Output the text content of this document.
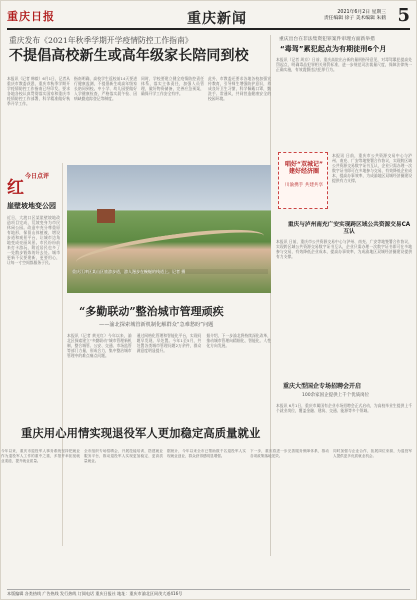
重庆日报	重庆新闻	2021年6月2日 星期三
责任编辑 徐子 美术编辑 朱鹤 5
重庆发布《2021年秋季学期开学疫情防控工作指南》
不提倡高校新生或高年级家长陪同到校
本报讯（记者 韩毅）6月1日，记者从重庆市教委获悉，重庆市秋季学期开学疫情防控工作指南已经印发。要求各地各校认真贯彻落实国家和重庆市疫情防控工作部署，科学精准做好秋季开学工作。
指南明确，高校学生返校前14天要进行健康监测，不提倡新生或高年级家长陪同到校。中小学、幼儿园要做好入学健康检查，严格落实晨午检、因病缺勤追踪登记等制度。
同时，学校要建立健全疫情防控责任体系，落实主体责任，加强人员管理，做好物资储备，完善应急预案，确保开学工作安全有序。
此外，市教委还要求各地各校加强宣传教育，引导师生增强防护意识，养成良好卫生习惯，科学佩戴口罩，勤洗手、常通风，共同营造健康安全的校园环境。
红
今日点评
崖壁坡地变公园
近日，大渡口区某崖壁坡地改造项目完成，荒坡变身为市民休闲公园。改造中充分尊重原有地形，保留山体植被，增设步道和观景平台，让城市边角地变成亮丽风景。市民纷纷前来打卡游玩，附近居民也多了一处散步锻炼的好去处。城市更新不仅要建新，更要用心，让每一寸空间都服务于民。
重庆江津区某山区旅游步道，游人漫步在蜿蜒的栈道上。记者 摄
“多勤联动”整治城市管理顽疾
——渝北探索城管新机制化解群众“急难愁盼”问题
本报讯（记者 黄光红）今年以来，渝北区探索建立“多勤联动”城市管理新机制，整合城管、公安、交通、市场监管等部门力量，形成合力，集中整治城市管理中的难点痛点问题。
通过网格化管理和智能化平台，实现问题早发现、早处置。今年1至5月，共处置各类城市管理问题2万余件，群众满意度明显提升。
据介绍，下一步渝北将持续深化改革，推动城市管理向精细化、智能化、人性化方向发展。
重庆出台在非法集资犯罪案件审理方面新举措
“毒驾”累犯起点为有期徒刑6个月
本报讯（记者 周京）日前，重庆高院出台新的量刑指导意见，对毒驾累犯提高处罚起点，明确毒品犯罪相关刑罚标准，进一步规范司法裁量尺度，保障法律统一正确实施，有效震慑违法犯罪行为。
唱好“双城记” 建好经济圈
川渝携手 共建共享
本报讯 日前，重庆市公共资源交易中心与泸州、南充、广安等地签署合作协议，实现跨区域公共资源交易数字证书互认，企业只需办理一次数字证书即可在多地参与交易，有效降低企业成本，提高办事效率，为成渝地区双城经济圈建设提供有力支撑。
重庆与泸州南充广安实现跨区域公共资源交易CA互认
本报讯 日前，重庆市公共资源交易中心与泸州、南充、广安等地签署合作协议，实现跨区域公共资源交易数字证书互认，企业只需办理一次数字证书即可在多地参与交易，有效降低企业成本，提高办事效率，为成渝地区双城经济圈建设提供有力支撑。
重庆大型国企专场招聘会开启
100余家国企提供上千个优质岗位
本报讯 6月1日，重庆市属国有企业专场招聘会正式启动，为高校毕业生提供上千个就业岗位，覆盖金融、建筑、交通、能源等多个领域。
重庆用心用情实现退役军人更加稳定高质量就业
今年以来，重庆市退役军人事务系统坚持把就业作为退役军人工作的重中之重，多措并举拓宽就业渠道，提升就业质量。
全市组织专场招聘会，开展技能培训，搭建就业服务平台，推动退役军人实现更加稳定、更高质量就业。
据统计，今年以来全市已帮助数千名退役军人实现就业创业，群众获得感明显增强。
下一步，重庆将进一步完善服务保障体系，推动各项政策落地见效。
同时加强与企业合作，拓展岗位来源，为退役军人提供更多优质就业机会。
本版编辑 各类热线 广告热线 发行热线 订阅电话 重庆日报社 地址：重庆市渝北区同茂大道416号
